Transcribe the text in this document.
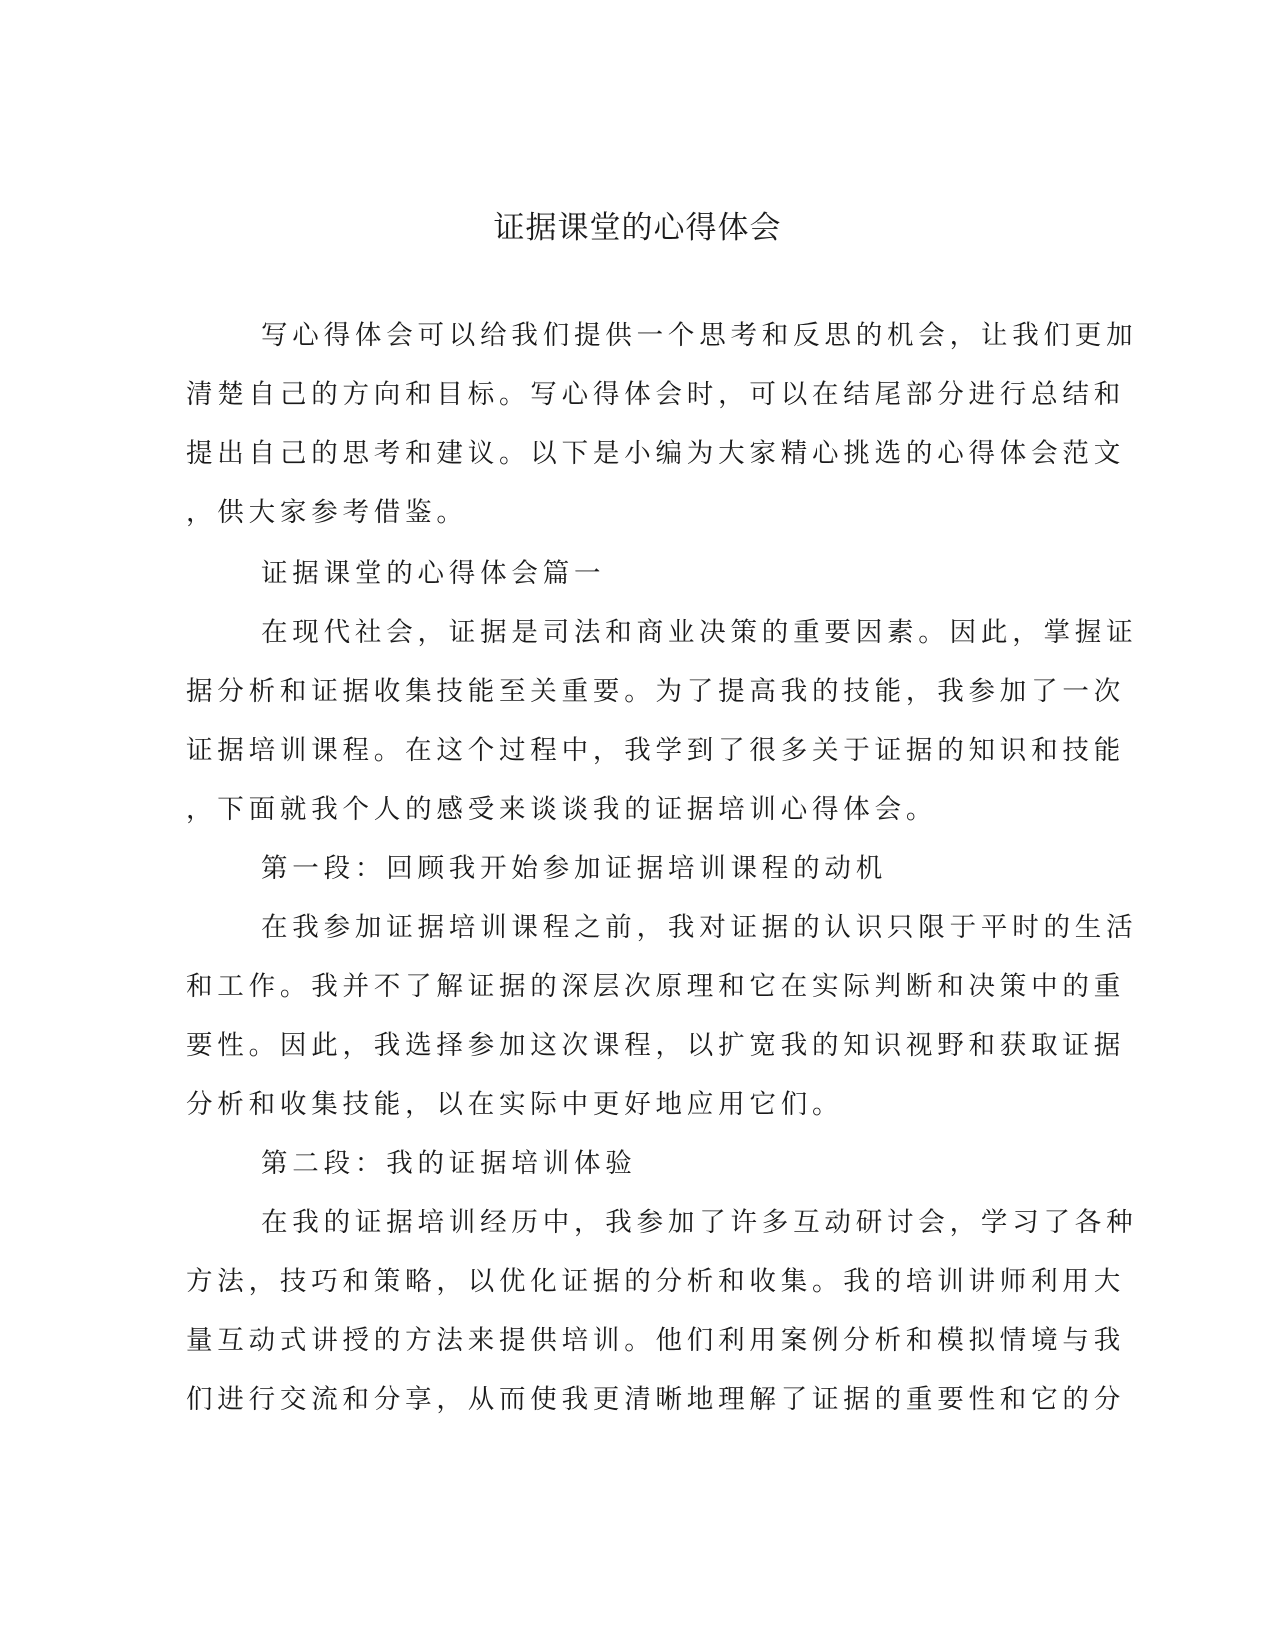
证据课堂的心得体会

写心得体会可以给我们提供一个思考和反思的机会，让我们更加

清楚自己的方向和目标。写心得体会时，可以在结尾部分进行总结和

提出自己的思考和建议。以下是小编为大家精心挑选的心得体会范文

，供大家参考借鉴。

证据课堂的心得体会篇一

在现代社会，证据是司法和商业决策的重要因素。因此，掌握证

据分析和证据收集技能至关重要。为了提高我的技能，我参加了一次

证据培训课程。在这个过程中，我学到了很多关于证据的知识和技能

，下面就我个人的感受来谈谈我的证据培训心得体会。

第一段：回顾我开始参加证据培训课程的动机

在我参加证据培训课程之前，我对证据的认识只限于平时的生活

和工作。我并不了解证据的深层次原理和它在实际判断和决策中的重

要性。因此，我选择参加这次课程，以扩宽我的知识视野和获取证据

分析和收集技能，以在实际中更好地应用它们。

第二段：我的证据培训体验

在我的证据培训经历中，我参加了许多互动研讨会，学习了各种

方法，技巧和策略，以优化证据的分析和收集。我的培训讲师利用大

量互动式讲授的方法来提供培训。他们利用案例分析和模拟情境与我

们进行交流和分享，从而使我更清晰地理解了证据的重要性和它的分
